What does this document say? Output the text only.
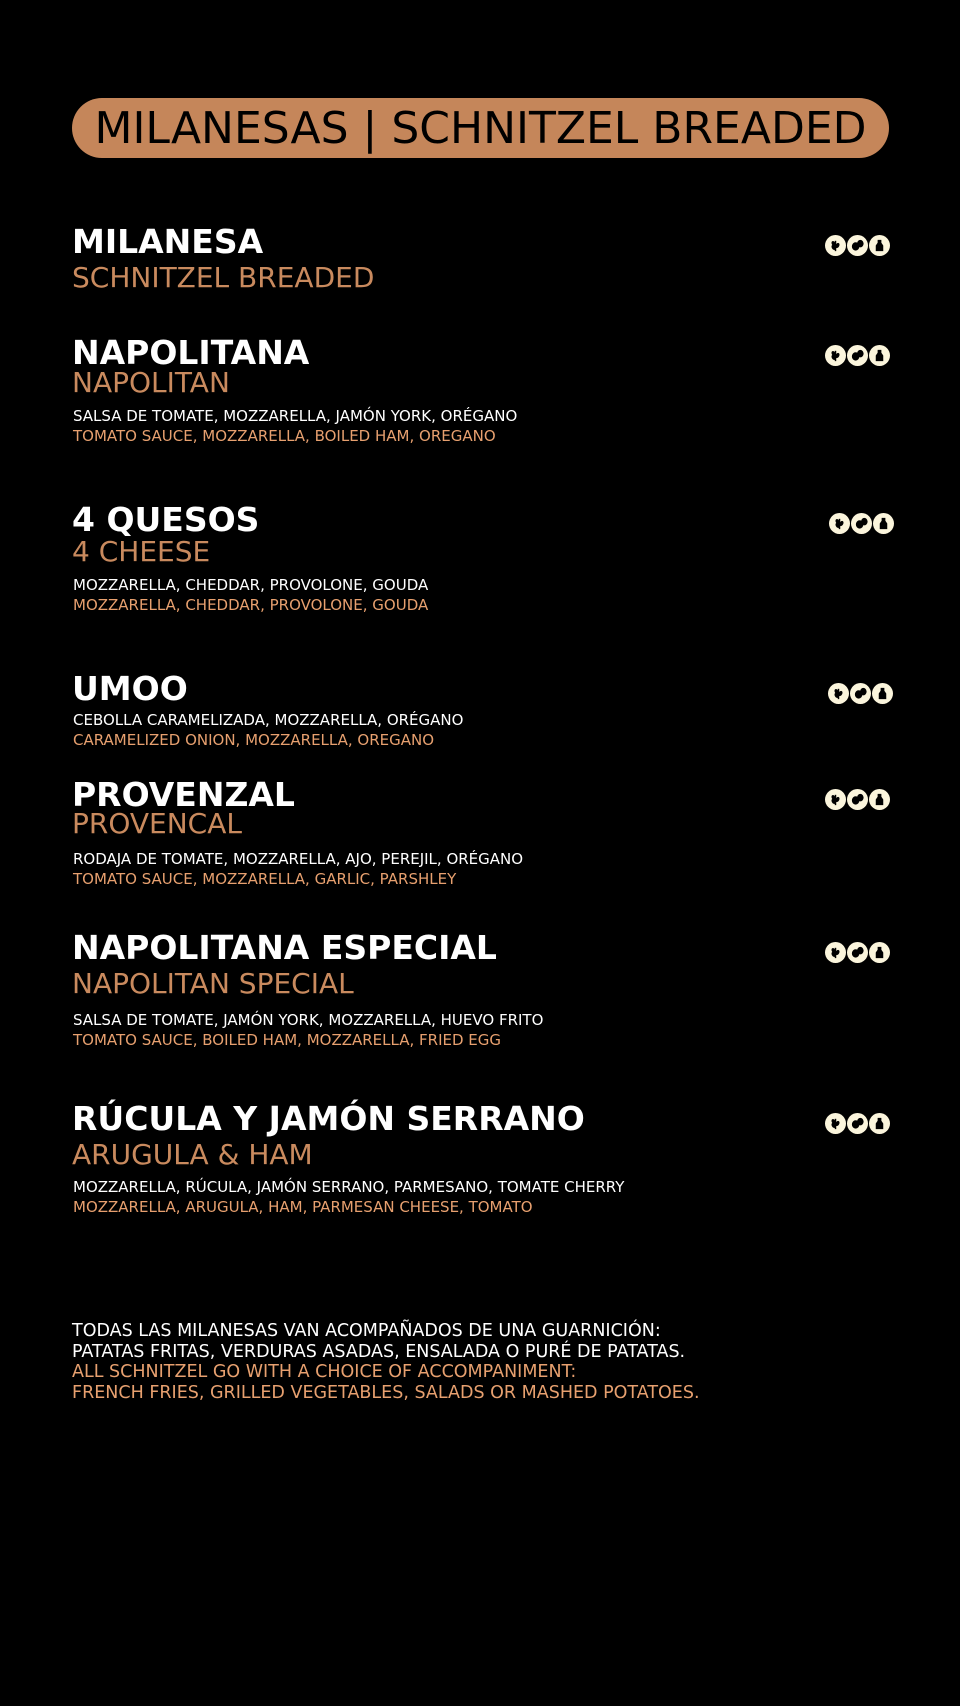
MILANESAS | SCHNITZEL BREADED
MILANESA
SCHNITZEL BREADED
NAPOLITANA
NAPOLITAN
SALSA DE TOMATE, MOZZARELLA, JAMÓN YORK, ORÉGANO
TOMATO SAUCE, MOZZARELLA, BOILED HAM, OREGANO
4 QUESOS
4 CHEESE
MOZZARELLA, CHEDDAR, PROVOLONE, GOUDA
MOZZARELLA, CHEDDAR, PROVOLONE, GOUDA
UMOO
CEBOLLA CARAMELIZADA, MOZZARELLA, ORÉGANO
CARAMELIZED ONION, MOZZARELLA, OREGANO
PROVENZAL
PROVENCAL
RODAJA DE TOMATE, MOZZARELLA, AJO, PEREJIL, ORÉGANO
TOMATO SAUCE, MOZZARELLA, GARLIC, PARSHLEY
NAPOLITANA ESPECIAL
NAPOLITAN SPECIAL
SALSA DE TOMATE, JAMÓN YORK, MOZZARELLA, HUEVO FRITO
TOMATO SAUCE, BOILED HAM, MOZZARELLA, FRIED EGG
RÚCULA Y JAMÓN SERRANO
ARUGULA & HAM
MOZZARELLA, RÚCULA, JAMÓN SERRANO, PARMESANO, TOMATE CHERRY
MOZZARELLA, ARUGULA, HAM, PARMESAN CHEESE, TOMATO
TODAS LAS MILANESAS VAN ACOMPAÑADOS DE UNA GUARNICIÓN:
PATATAS FRITAS, VERDURAS ASADAS, ENSALADA O PURÉ DE PATATAS.
ALL SCHNITZEL GO WITH A CHOICE OF ACCOMPANIMENT:
FRENCH FRIES, GRILLED VEGETABLES, SALADS OR MASHED POTATOES.
